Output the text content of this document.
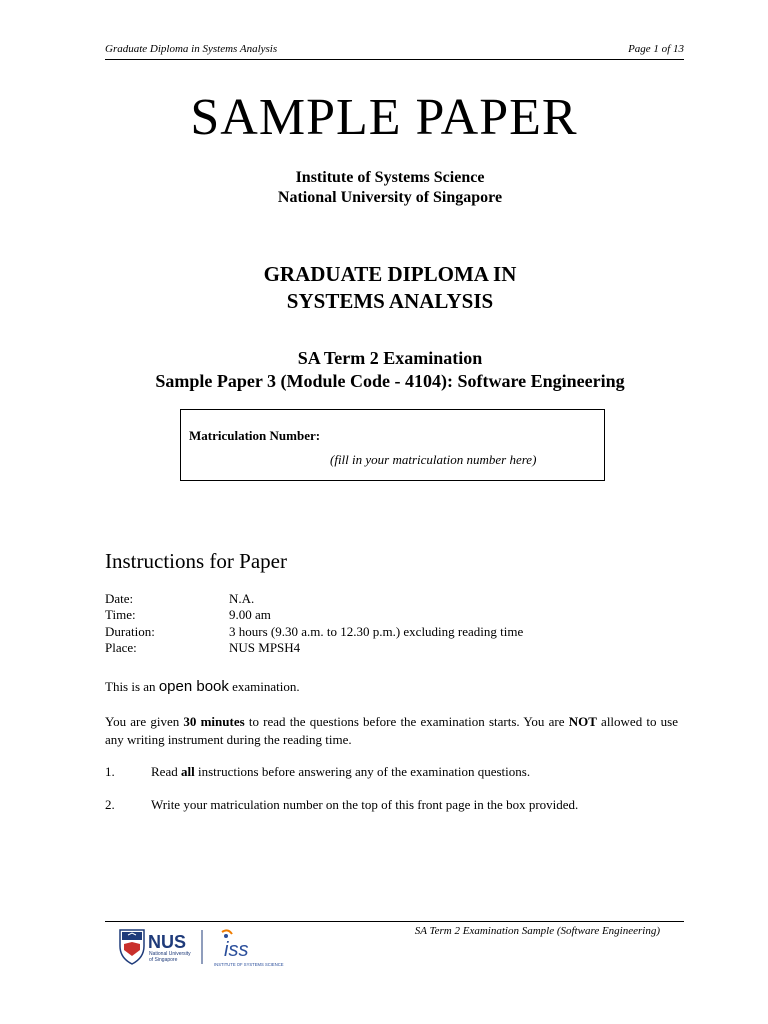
Graduate Diploma in Systems Analysis	Page 1 of 13
SAMPLE PAPER
Institute of Systems Science
National University of Singapore
GRADUATE DIPLOMA IN
SYSTEMS ANALYSIS
SA Term 2 Examination
Sample Paper 3 (Module Code - 4104): Software Engineering
Matriculation Number:
(fill in your matriculation number here)
Instructions for Paper
Date:	N.A.
Time:	9.00 am
Duration:	3 hours (9.30 a.m. to 12.30 p.m.) excluding reading time
Place:	NUS MPSH4
This is an open book examination.
You are given 30 minutes to read the questions before the examination starts. You are NOT allowed to use any writing instrument during the reading time.
1.	Read all instructions before answering any of the examination questions.
2.	Write your matriculation number on the top of this front page in the box provided.
SA Term 2 Examination Sample (Software Engineering)
NUS
National University
of Singapore iss
INSTITUTE OF SYSTEMS SCIENCE
